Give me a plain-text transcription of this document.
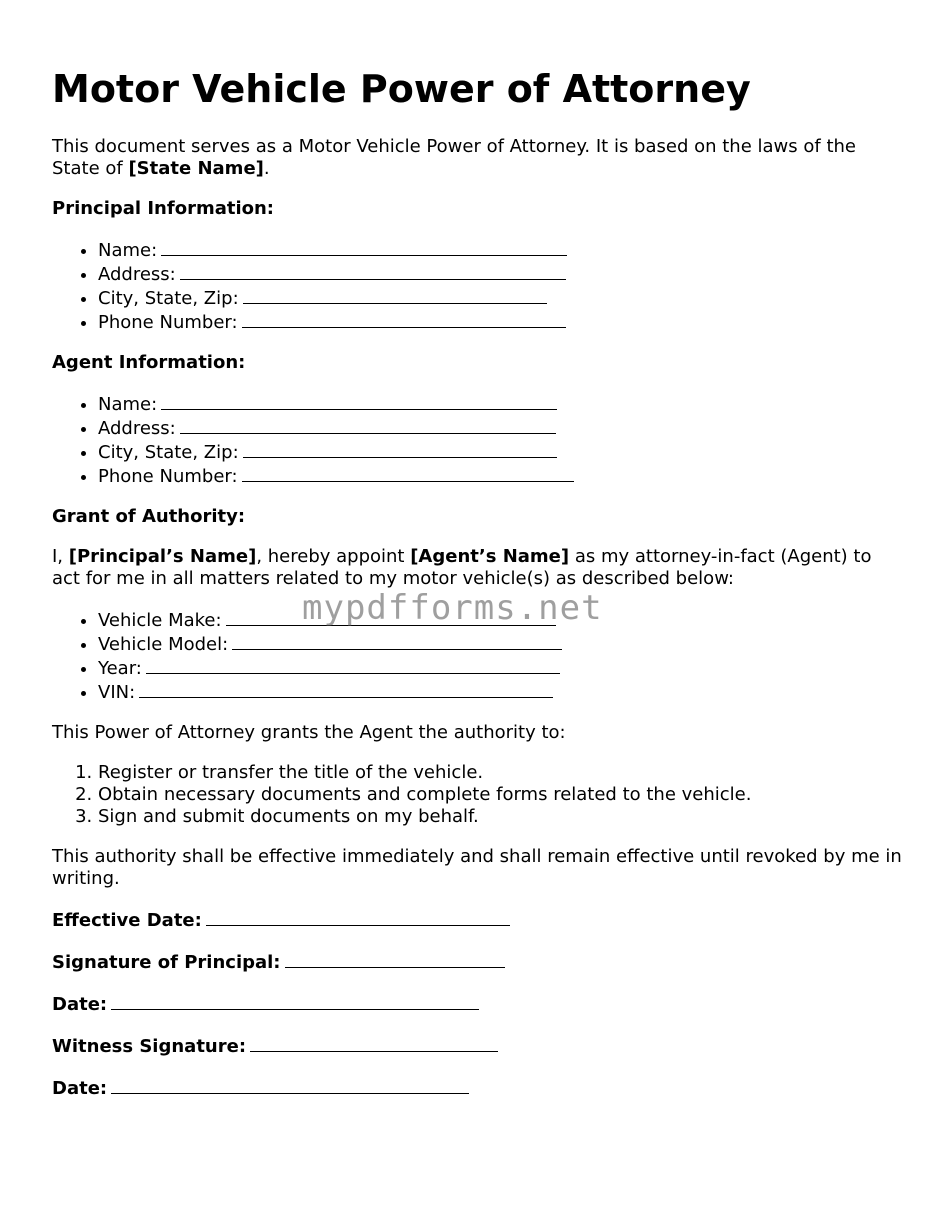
Motor Vehicle Power of Attorney

This document serves as a Motor Vehicle Power of Attorney. It is based on the laws of the State of [State Name].

Principal Information:

• Name:
• Address:
• City, State, Zip:
• Phone Number:

Agent Information:

• Name:
• Address:
• City, State, Zip:
• Phone Number:

Grant of Authority:

I, [Principal’s Name], hereby appoint [Agent’s Name] as my attorney-in-fact (Agent) to act for me in all matters related to my motor vehicle(s) as described below:

• Vehicle Make:
• Vehicle Model:
• Year:
• VIN:

This Power of Attorney grants the Agent the authority to:

1. Register or transfer the title of the vehicle.
2. Obtain necessary documents and complete forms related to the vehicle.
3. Sign and submit documents on my behalf.

This authority shall be effective immediately and shall remain effective until revoked by me in writing.

Effective Date:
Signature of Principal:
Date:
Witness Signature:
Date:
mypdfforms.net
